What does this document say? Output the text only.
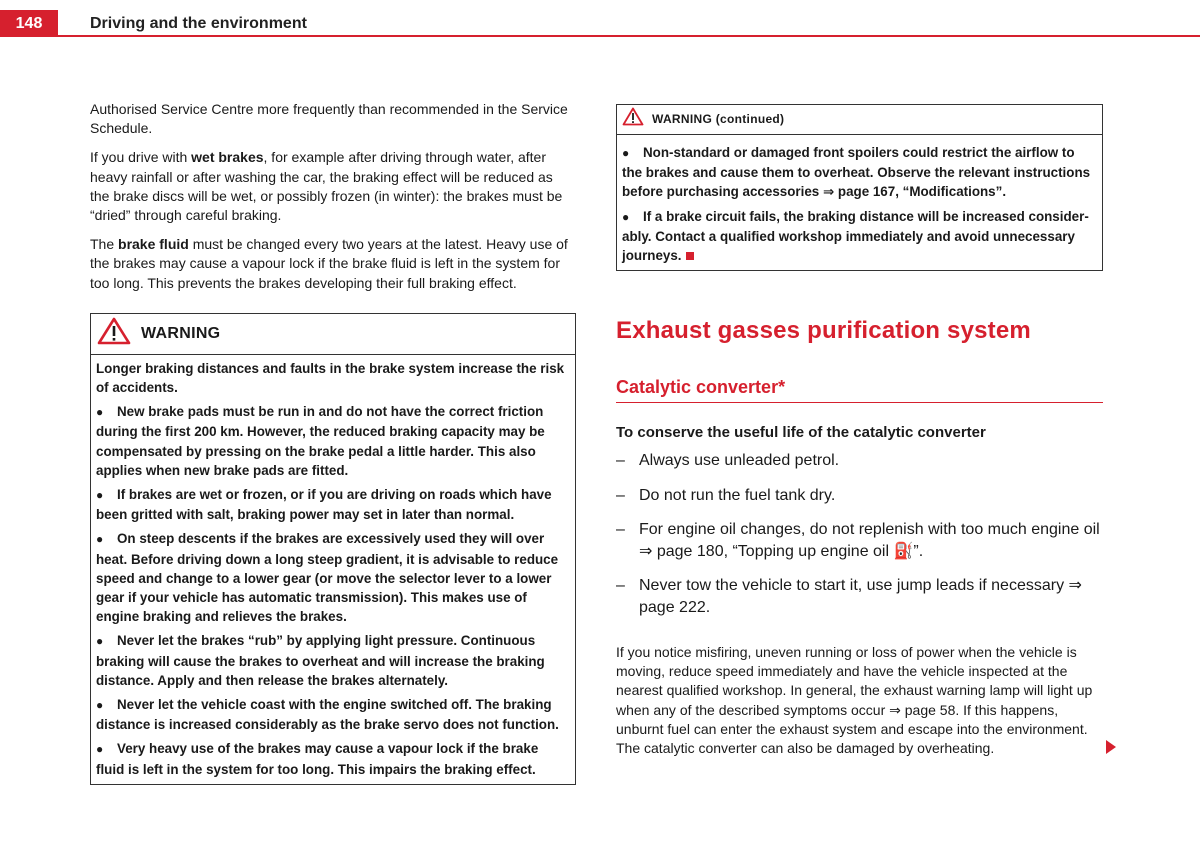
148	Driving and the environment

Authorised Service Centre more frequently than recommended in the Service Schedule.

If you drive with wet brakes, for example after driving through water, after heavy rainfall or after washing the car, the braking effect will be reduced as the brake discs will be wet, or possibly frozen (in winter): the brakes must be “dried” through careful braking.

The brake fluid must be changed every two years at the latest. Heavy use of the brakes may cause a vapour lock if the brake fluid is left in the system for too long. This prevents the brakes developing their full braking effect.

WARNING

Longer braking distances and faults in the brake system increase the risk of accidents.

● New brake pads must be run in and do not have the correct friction during the first 200 km. However, the reduced braking capacity may be compensated by pressing on the brake pedal a little harder. This also applies when new brake pads are fitted.

● If brakes are wet or frozen, or if you are driving on roads which have been gritted with salt, braking power may set in later than normal.

● On steep descents if the brakes are excessively used they will over heat. Before driving down a long steep gradient, it is advisable to reduce speed and change to a lower gear (or move the selector lever to a lower gear if your vehicle has automatic transmission). This makes use of engine braking and relieves the brakes.

● Never let the brakes “rub” by applying light pressure. Continuous braking will cause the brakes to overheat and will increase the braking distance. Apply and then release the brakes alternately.

● Never let the vehicle coast with the engine switched off. The braking distance is increased considerably as the brake servo does not function.

● Very heavy use of the brakes may cause a vapour lock if the brake fluid is left in the system for too long. This impairs the braking effect.

WARNING (continued)

● Non-standard or damaged front spoilers could restrict the airflow to the brakes and cause them to overheat. Observe the relevant instructions before purchasing accessories ⇒ page 167, “Modifications”.

● If a brake circuit fails, the braking distance will be increased considerably. Contact a qualified workshop immediately and avoid unnecessary journeys.

Exhaust gasses purification system
Catalytic converter*
To conserve the useful life of the catalytic converter
– Always use unleaded petrol.
– Do not run the fuel tank dry.
– For engine oil changes, do not replenish with too much engine oil ⇒ page 180, “Topping up engine oil ⛽”.
– Never tow the vehicle to start it, use jump leads if necessary ⇒ page 222.

If you notice misfiring, uneven running or loss of power when the vehicle is moving, reduce speed immediately and have the vehicle inspected at the nearest qualified workshop. In general, the exhaust warning lamp will light up when any of the described symptoms occur ⇒ page 58. If this happens, unburnt fuel can enter the exhaust system and escape into the environment. The catalytic converter can also be damaged by overheating.
